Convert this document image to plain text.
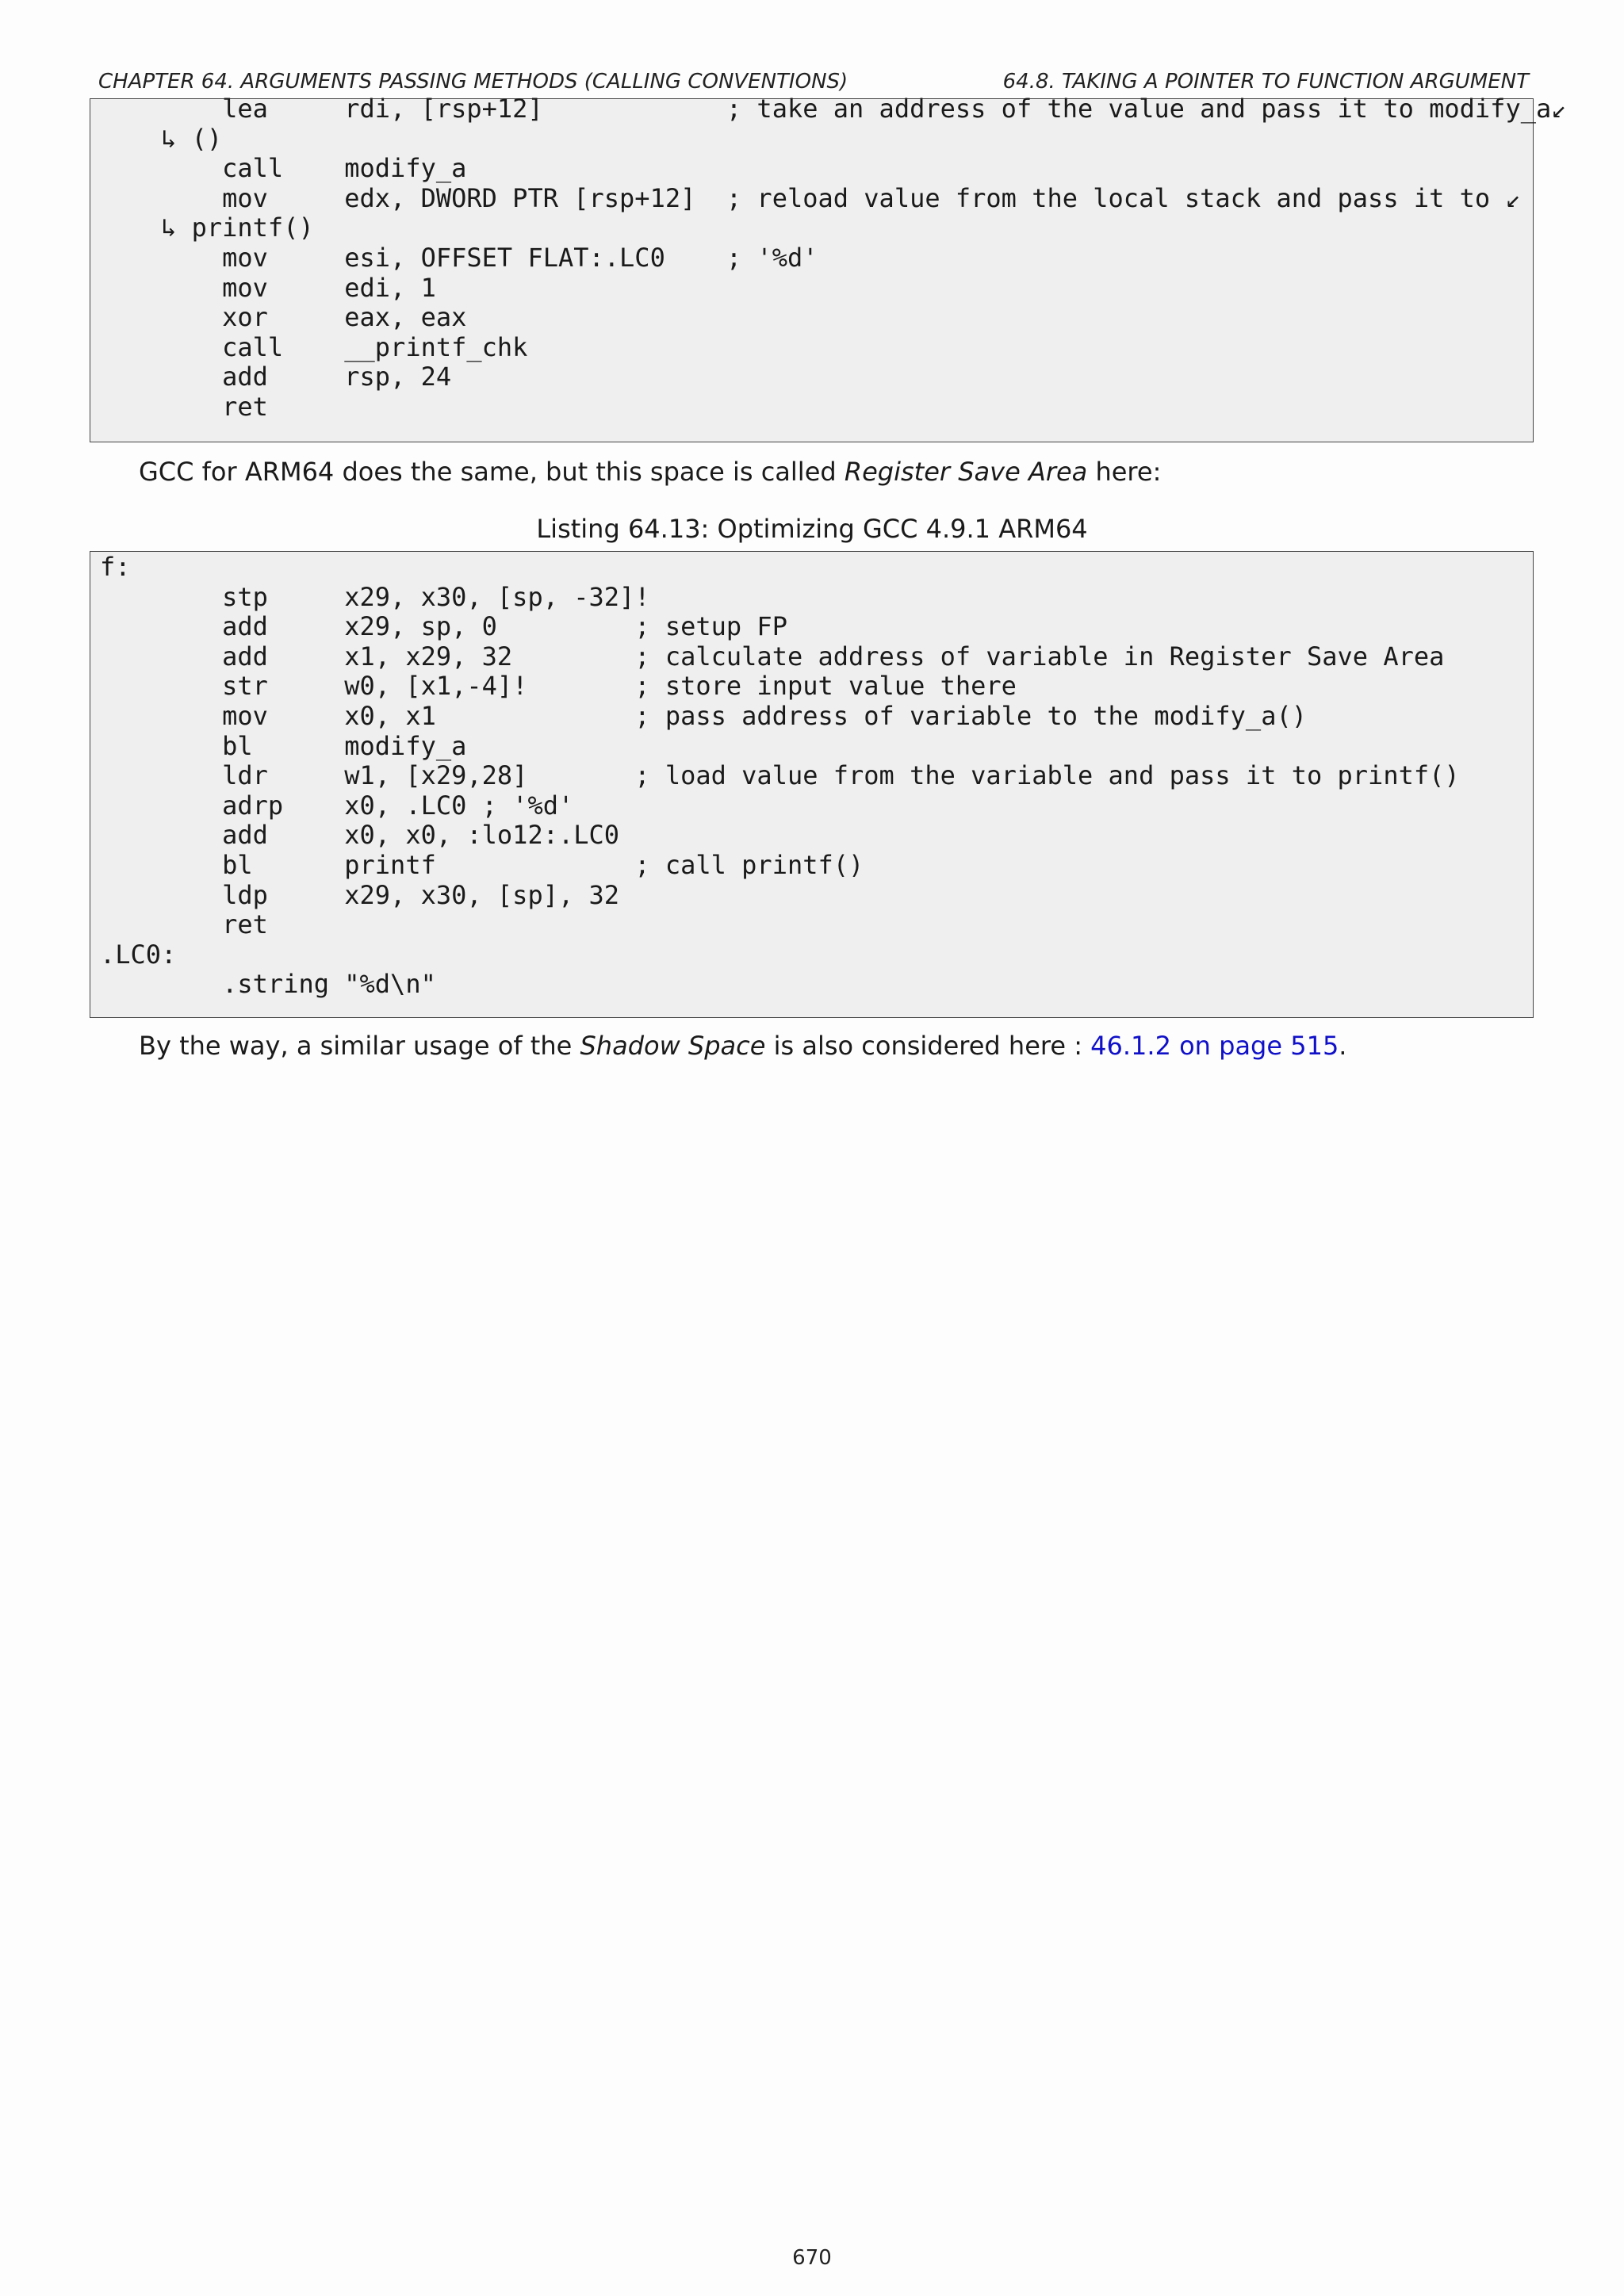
CHAPTER 64. ARGUMENTS PASSING METHODS (CALLING CONVENTIONS)	64.8. TAKING A POINTER TO FUNCTION ARGUMENT
lea     rdi, [rsp+12]            ; take an address of the value and pass it to modify_a↙
↳ ()
call    modify_a
mov     edx, DWORD PTR [rsp+12]  ; reload value from the local stack and pass it to ↙
↳ printf()
mov     esi, OFFSET FLAT:.LC0    ; '%d'
mov     edi, 1
xor     eax, eax
call    __printf_chk
add     rsp, 24
ret
GCC for ARM64 does the same, but this space is called Register Save Area here:
Listing 64.13: Optimizing GCC 4.9.1 ARM64
f:
stp     x29, x30, [sp, -32]!
add     x29, sp, 0         ; setup FP
add     x1, x29, 32        ; calculate address of variable in Register Save Area
str     w0, [x1,-4]!       ; store input value there
mov     x0, x1             ; pass address of variable to the modify_a()
bl      modify_a
ldr     w1, [x29,28]       ; load value from the variable and pass it to printf()
adrp    x0, .LC0 ; '%d'
add     x0, x0, :lo12:.LC0
bl      printf             ; call printf()
ldp     x29, x30, [sp], 32
ret
.LC0:
.string "%d\n"
By the way, a similar usage of the Shadow Space is also considered here : 46.1.2 on page 515.
670
